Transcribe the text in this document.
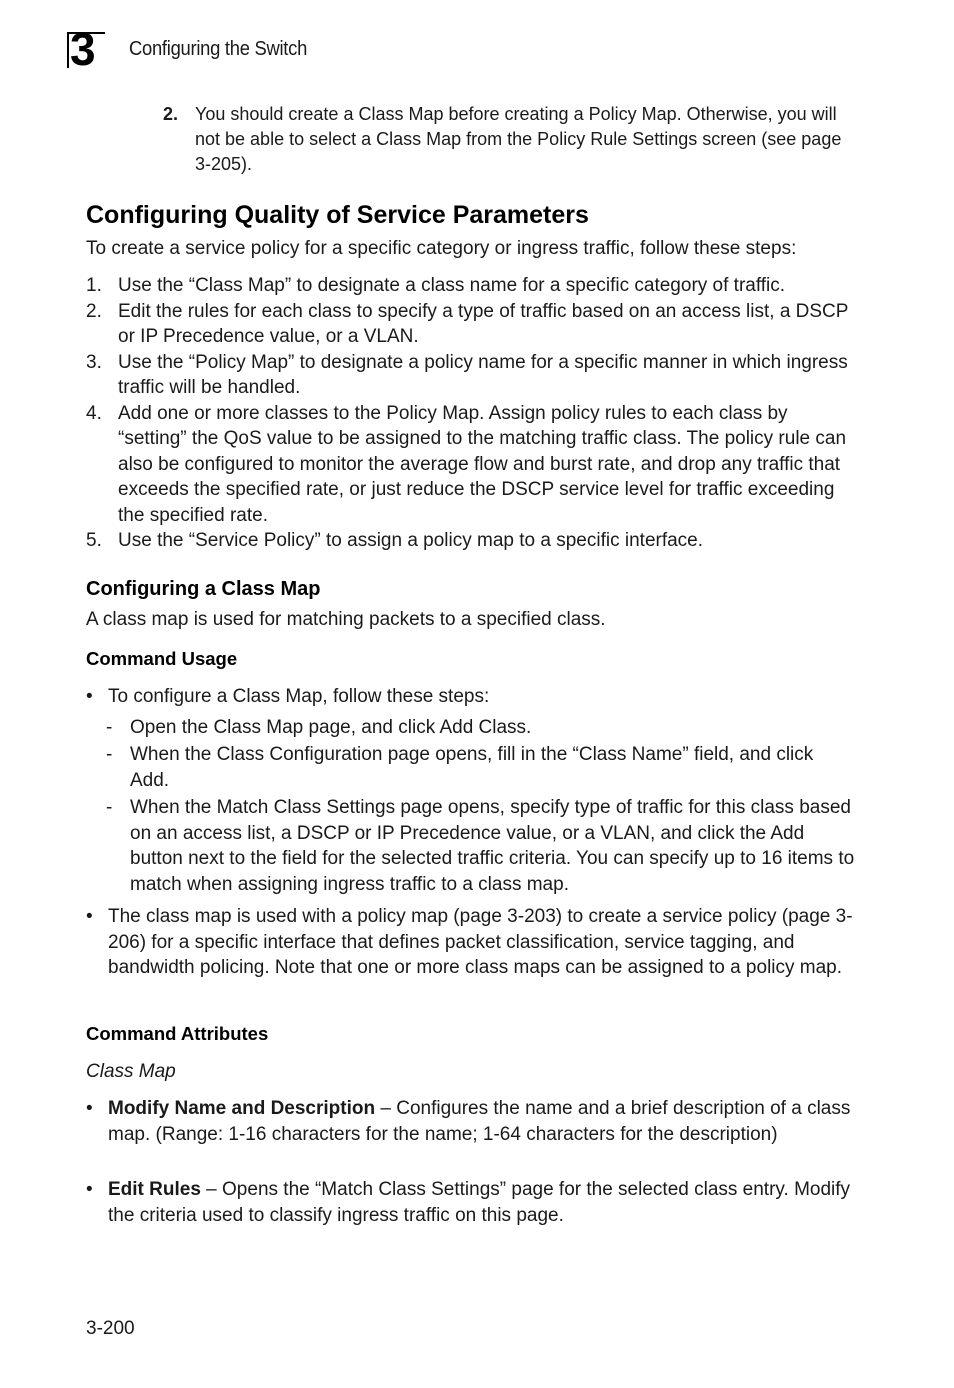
3 Configuring the Switch
2. You should create a Class Map before creating a Policy Map. Otherwise, you will not be able to select a Class Map from the Policy Rule Settings screen (see page 3-205).
Configuring Quality of Service Parameters
To create a service policy for a specific category or ingress traffic, follow these steps:
1. Use the “Class Map” to designate a class name for a specific category of traffic.
2. Edit the rules for each class to specify a type of traffic based on an access list, a DSCP or IP Precedence value, or a VLAN.
3. Use the “Policy Map” to designate a policy name for a specific manner in which ingress traffic will be handled.
4. Add one or more classes to the Policy Map. Assign policy rules to each class by “setting” the QoS value to be assigned to the matching traffic class. The policy rule can also be configured to monitor the average flow and burst rate, and drop any traffic that exceeds the specified rate, or just reduce the DSCP service level for traffic exceeding the specified rate.
5. Use the “Service Policy” to assign a policy map to a specific interface.
Configuring a Class Map
A class map is used for matching packets to a specified class.
Command Usage
• To configure a Class Map, follow these steps:
- Open the Class Map page, and click Add Class.
- When the Class Configuration page opens, fill in the “Class Name” field, and click Add.
- When the Match Class Settings page opens, specify type of traffic for this class based on an access list, a DSCP or IP Precedence value, or a VLAN, and click the Add button next to the field for the selected traffic criteria. You can specify up to 16 items to match when assigning ingress traffic to a class map.
• The class map is used with a policy map (page 3-203) to create a service policy (page 3-206) for a specific interface that defines packet classification, service tagging, and bandwidth policing. Note that one or more class maps can be assigned to a policy map.
Command Attributes
Class Map
• Modify Name and Description – Configures the name and a brief description of a class map. (Range: 1-16 characters for the name; 1-64 characters for the description)
• Edit Rules – Opens the “Match Class Settings” page for the selected class entry. Modify the criteria used to classify ingress traffic on this page.
3-200
